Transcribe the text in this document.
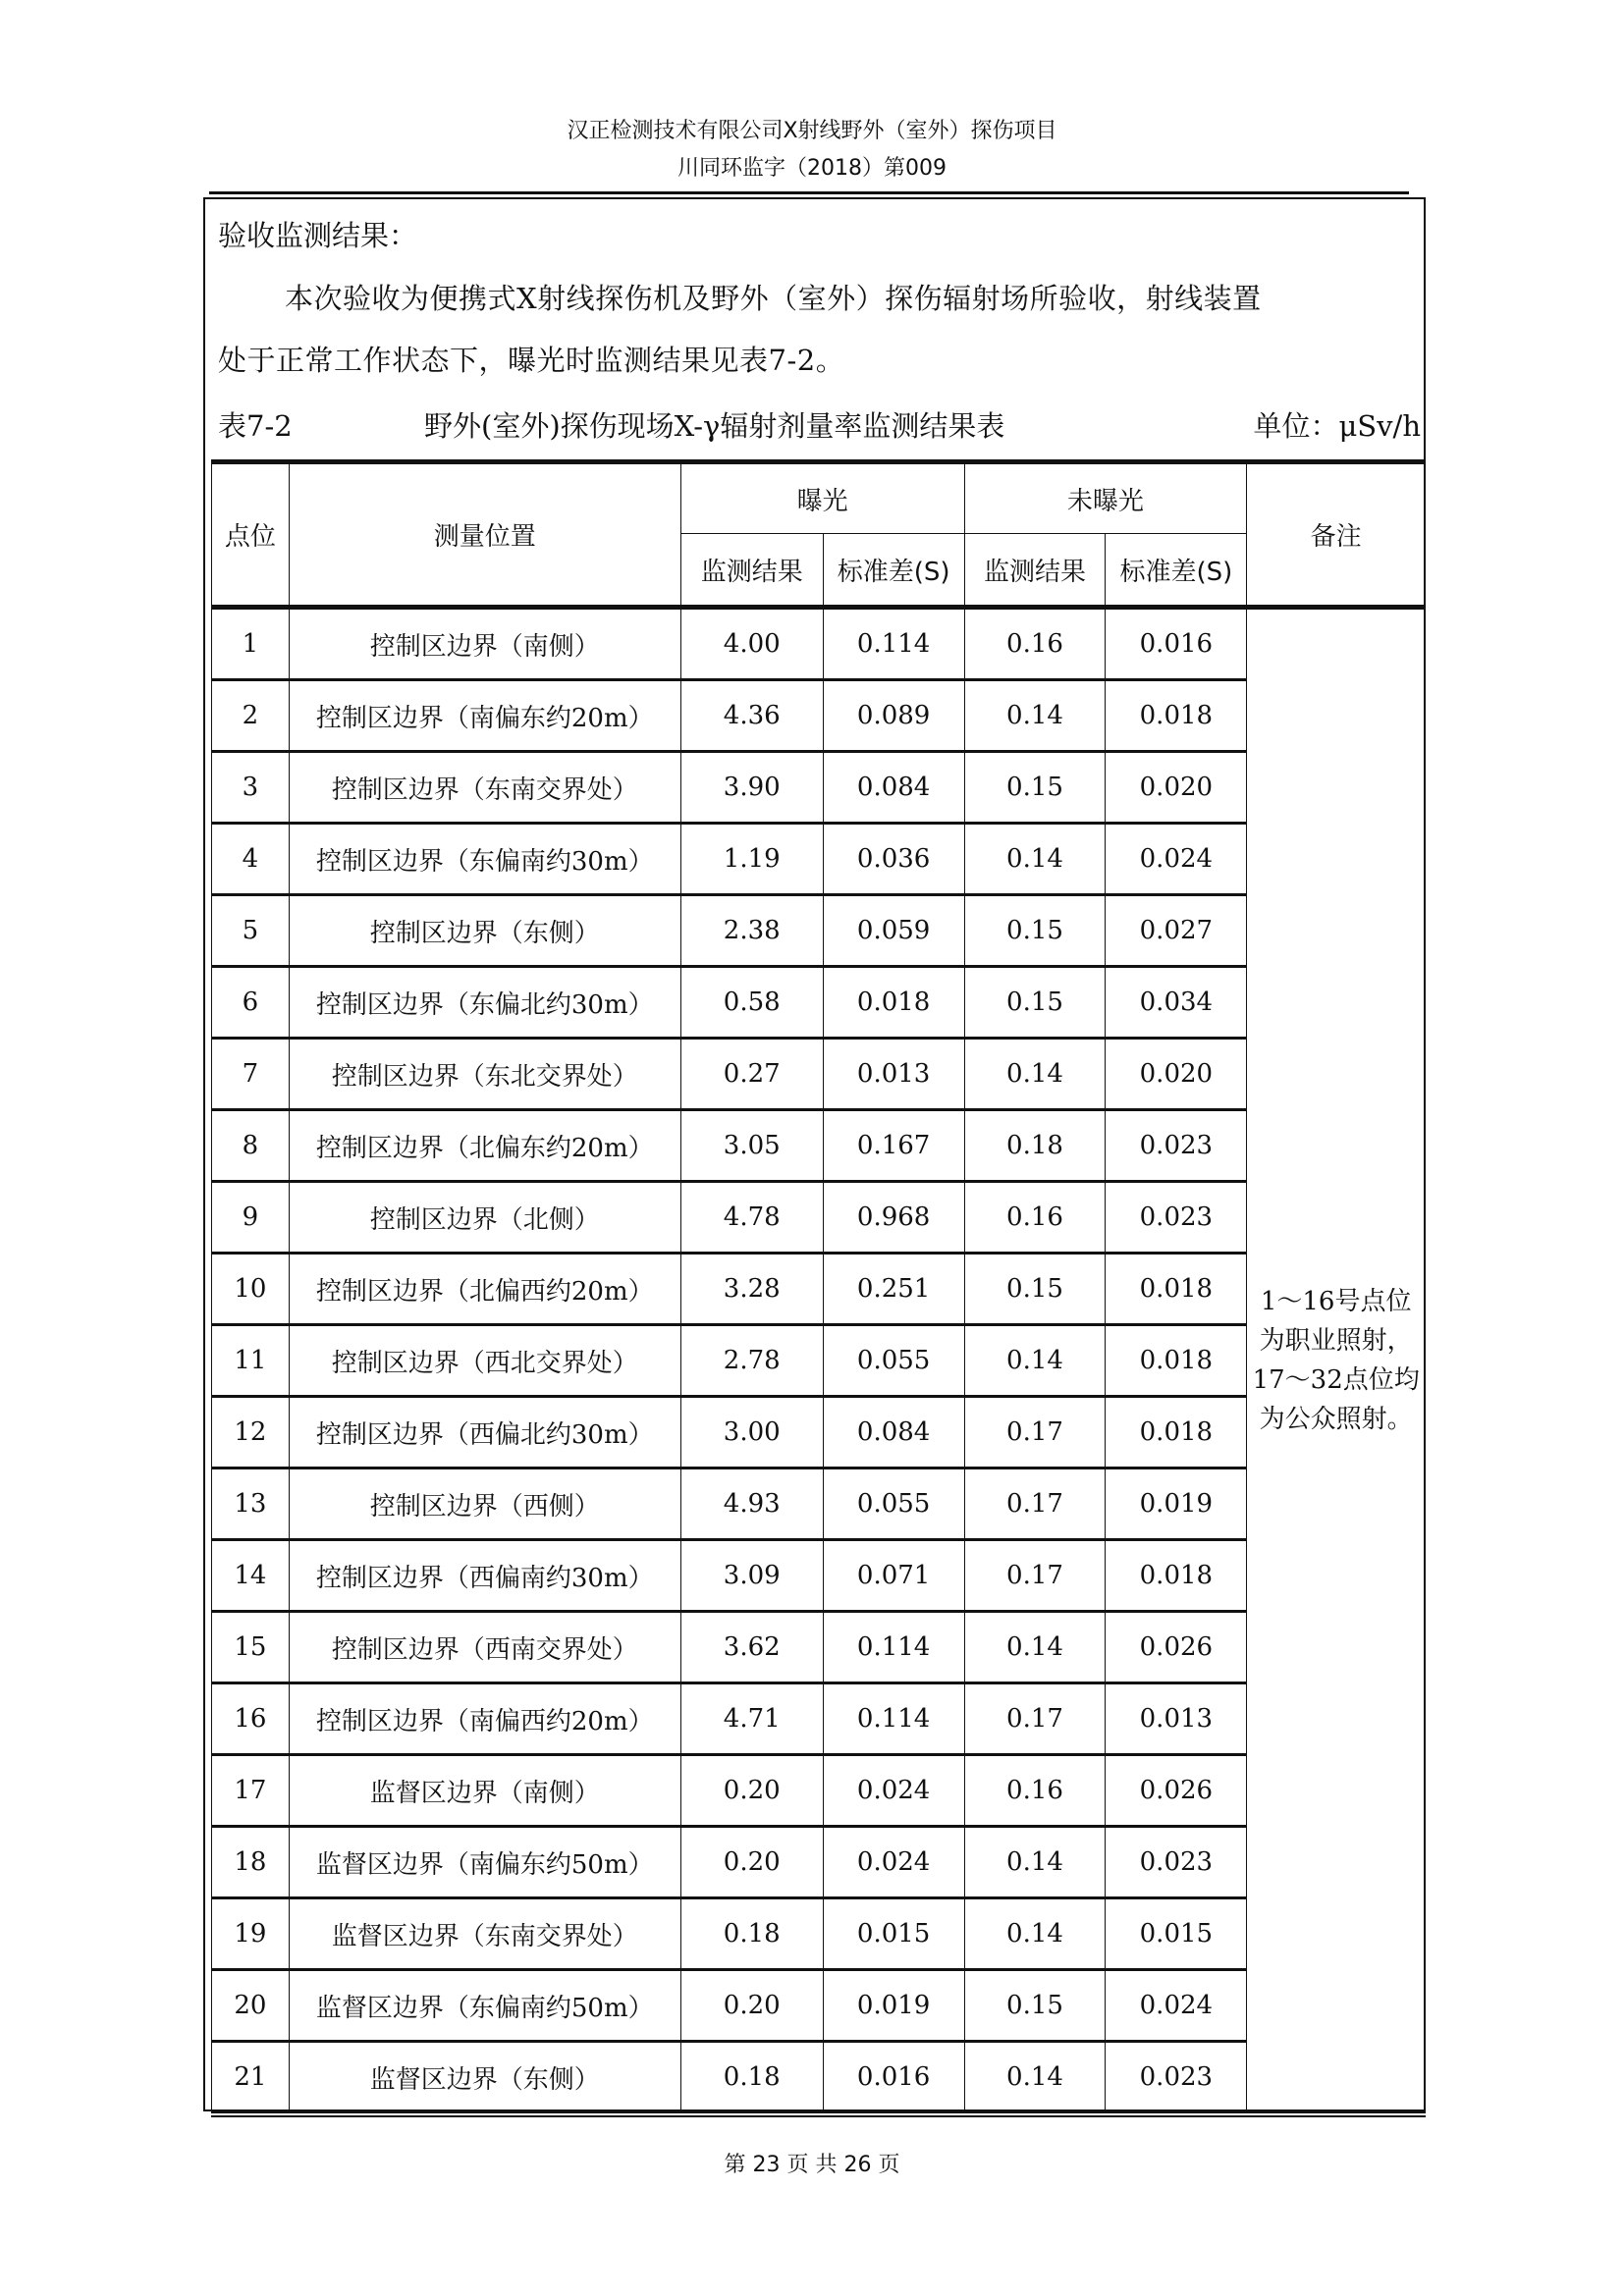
汉正检测技术有限公司X射线野外（室外）探伤项目
川同环监字（2018）第009
验收监测结果：
本次验收为便携式X射线探伤机及野外（室外）探伤辐射场所验收，射线装置
处于正常工作状态下，曝光时监测结果见表7-2。
表7-2	野外(室外)探伤现场X-γ辐射剂量率监测结果表	单位：μSv/h
点位	测量位置	曝光		未曝光		备注
		监测结果	标准差(S)	监测结果	标准差(S)	
1	控制区边界（南侧）	4.00	0.114	0.16	0.016	1～16号点位为职业照射，17～32点位均为公众照射。
2	控制区边界（南偏东约20m）	4.36	0.089	0.14	0.018	
3	控制区边界（东南交界处）	3.90	0.084	0.15	0.020	
4	控制区边界（东偏南约30m）	1.19	0.036	0.14	0.024	
5	控制区边界（东侧）	2.38	0.059	0.15	0.027	
6	控制区边界（东偏北约30m）	0.58	0.018	0.15	0.034	
7	控制区边界（东北交界处）	0.27	0.013	0.14	0.020	
8	控制区边界（北偏东约20m）	3.05	0.167	0.18	0.023	
9	控制区边界（北侧）	4.78	0.968	0.16	0.023	
10	控制区边界（北偏西约20m）	3.28	0.251	0.15	0.018	
11	控制区边界（西北交界处）	2.78	0.055	0.14	0.018	
12	控制区边界（西偏北约30m）	3.00	0.084	0.17	0.018	
13	控制区边界（西侧）	4.93	0.055	0.17	0.019	
14	控制区边界（西偏南约30m）	3.09	0.071	0.17	0.018	
15	控制区边界（西南交界处）	3.62	0.114	0.14	0.026	
16	控制区边界（南偏西约20m）	4.71	0.114	0.17	0.013	
17	监督区边界（南侧）	0.20	0.024	0.16	0.026	
18	监督区边界（南偏东约50m）	0.20	0.024	0.14	0.023	
19	监督区边界（东南交界处）	0.18	0.015	0.14	0.015	
20	监督区边界（东偏南约50m）	0.20	0.019	0.15	0.024	
21	监督区边界（东侧）	0.18	0.016	0.14	0.023	
第 23 页 共 26 页
